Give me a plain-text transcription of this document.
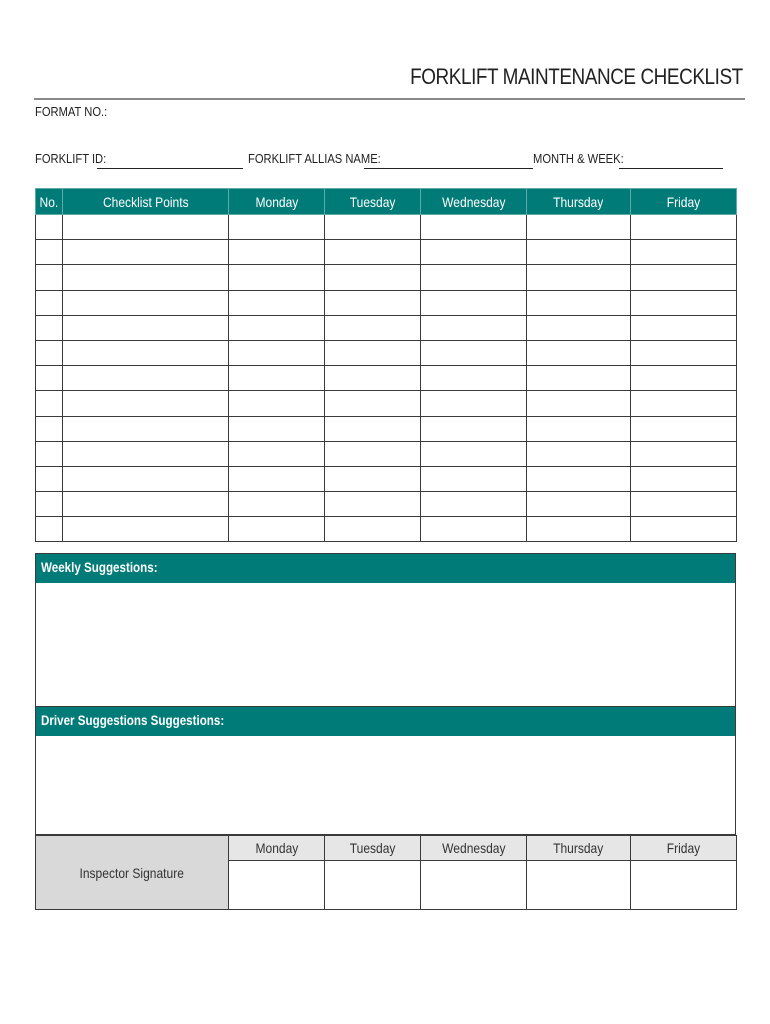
FORKLIFT MAINTENANCE CHECKLIST
FORMAT NO.:
FORKLIFT ID:	FORKLIFT ALLIAS NAME:	MONTH & WEEK:
No.	Checklist Points	Monday	Tuesday	Wednesday	Thursday	Friday

Weekly Suggestions:
Driver Suggestions Suggestions:
Inspector Signature	Monday	Tuesday	Wednesday	Thursday	Friday
